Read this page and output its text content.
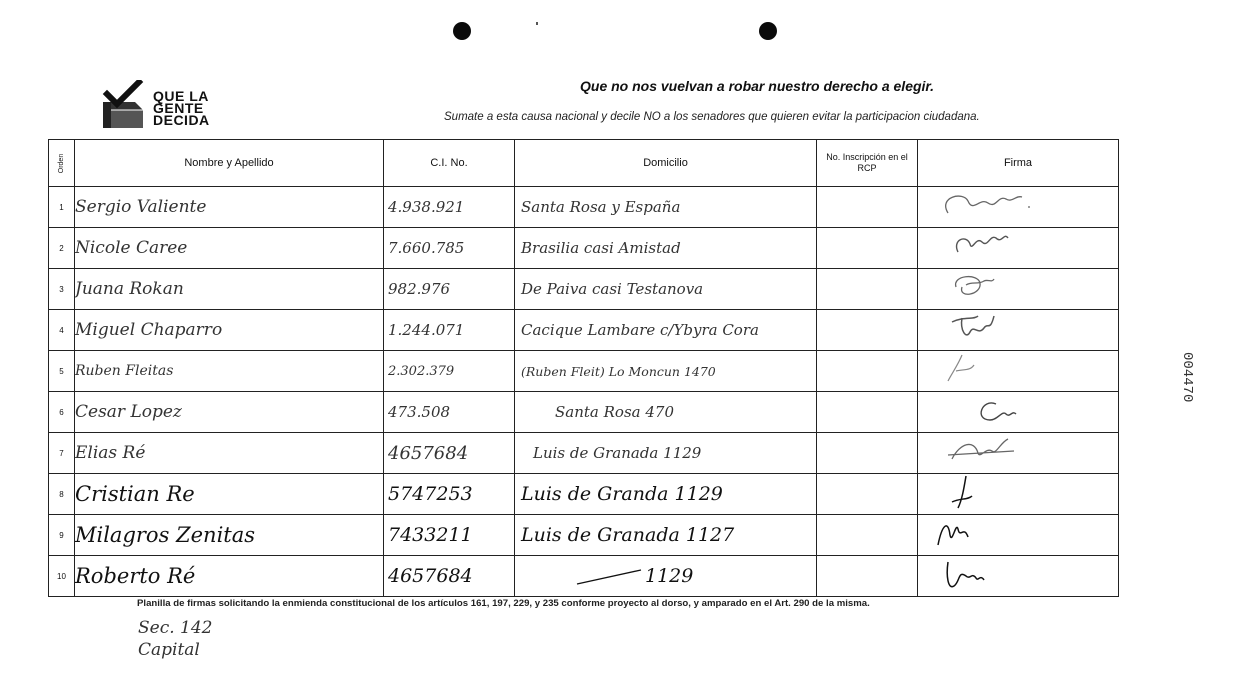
QUE LA
GENTE
DECIDA
Que no nos vuelvan a robar nuestro derecho a elegir.
Sumate a esta causa nacional y decile NO a los senadores que quieren evitar la participacion ciudadana.
Orden	Nombre y Apellido	C.I. No.	Domicilio	No. Inscripción en el RCP	Firma
1	Sergio Valiente	4.938.921	Santa Rosa y España		
2	Nicole Caree	7.660.785	Brasilia casi Amistad		
3	Juana Rokan	982.976	De Paiva casi Testanova		
4	Miguel Chaparro	1.244.071	Cacique Lambare c/Ybyra Cora		
5	Ruben Fleitas	2.302.379	(Ruben Fleit) Lo Moncun 1470		
6	Cesar Lopez	473.508	Santa Rosa 470		
7	Elias Ré	4657684	Luis de Granada 1129		
8	Cristian Re	5747253	Luis de Granda 1129		
9	Milagros Zenitas	7433211	Luis de Granada 1127		
10	Roberto Ré	4657684	1129		
Planilla de firmas solicitando la enmienda constitucional de los artículos 161, 197, 229, y 235 conforme proyecto al dorso, y amparado en el Art. 290 de la misma.
Sec. 142
Capital
004470
